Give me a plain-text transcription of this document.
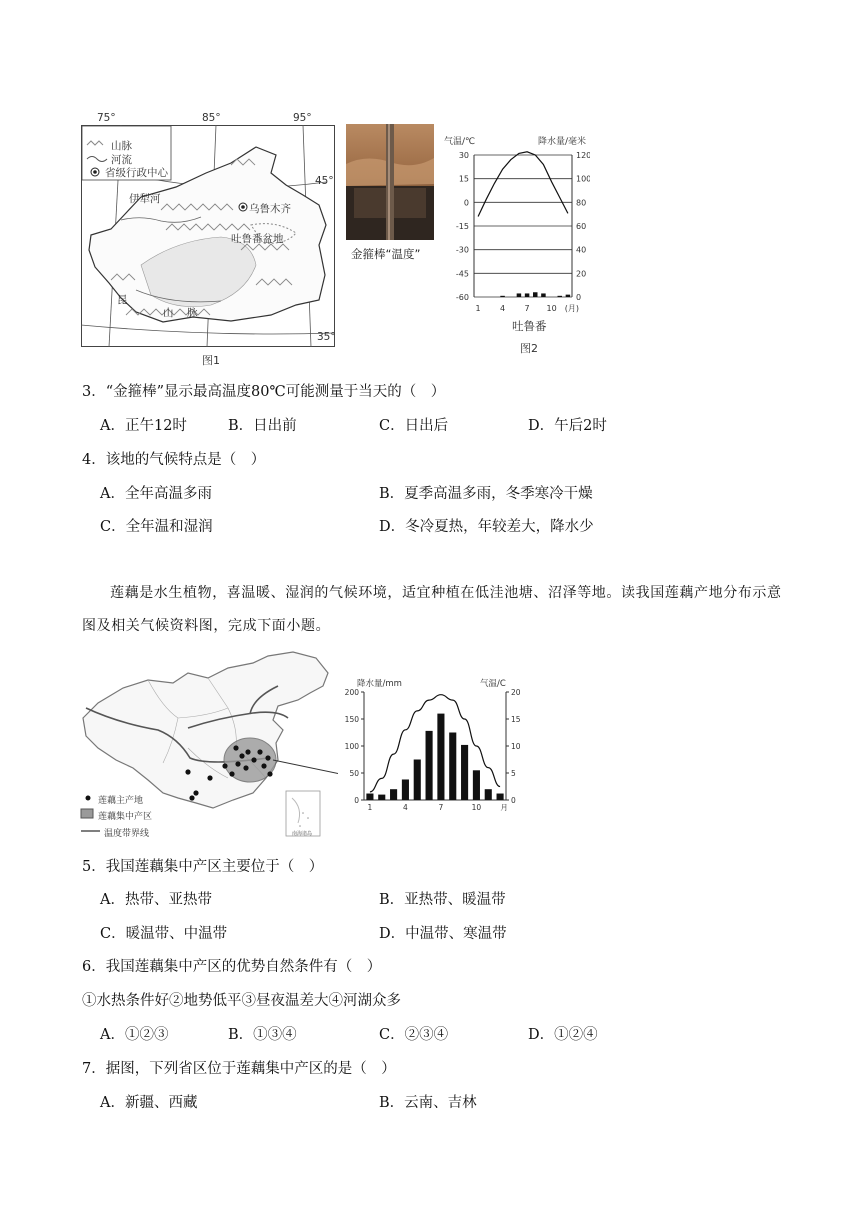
山脉
河流
省级行政中心
伊犁河
乌鲁木齐
吐鲁番盆地
昆
山 脉
45°
35°
75°	85°	95°
图1
金箍棒“温度”
30
15
0
-15
-30
-45
-60
120
100
80
60
40
20
0
1 4 7 10 (月)
气温/℃	降水量/毫米
吐鲁番
图2
3．“金箍棒”显示最高温度80℃可能测量于当天的（　）
A．正午12时	B．日出前	C．日出后	D．午后2时
4．该地的气候特点是（　）
A．全年高温多雨	B．夏季高温多雨，冬季寒冷干燥
C．全年温和湿润	D．冬冷夏热，年较差大，降水少
莲藕是水生植物，喜温暖、湿润的气候环境，适宜种植在低洼池塘、沼泽等地。读我国莲藕产地分布示意图及相关气候资料图，完成下面小题。
莲藕主产地
莲藕集中产区
温度带界线	南海诸岛
200
150
100
50
0
20
15
10
5
0
1	4	7	10	月
降水量/mm	气温/C
5．我国莲藕集中产区主要位于（　）
A．热带、亚热带	B．亚热带、暖温带
C．暖温带、中温带	D．中温带、寒温带
6．我国莲藕集中产区的优势自然条件有（　）
①水热条件好②地势低平③昼夜温差大④河湖众多
A．①②③	B．①③④	C．②③④	D．①②④
7．据图，下列省区位于莲藕集中产区的是（　）
A．新疆、西藏	B．云南、吉林
